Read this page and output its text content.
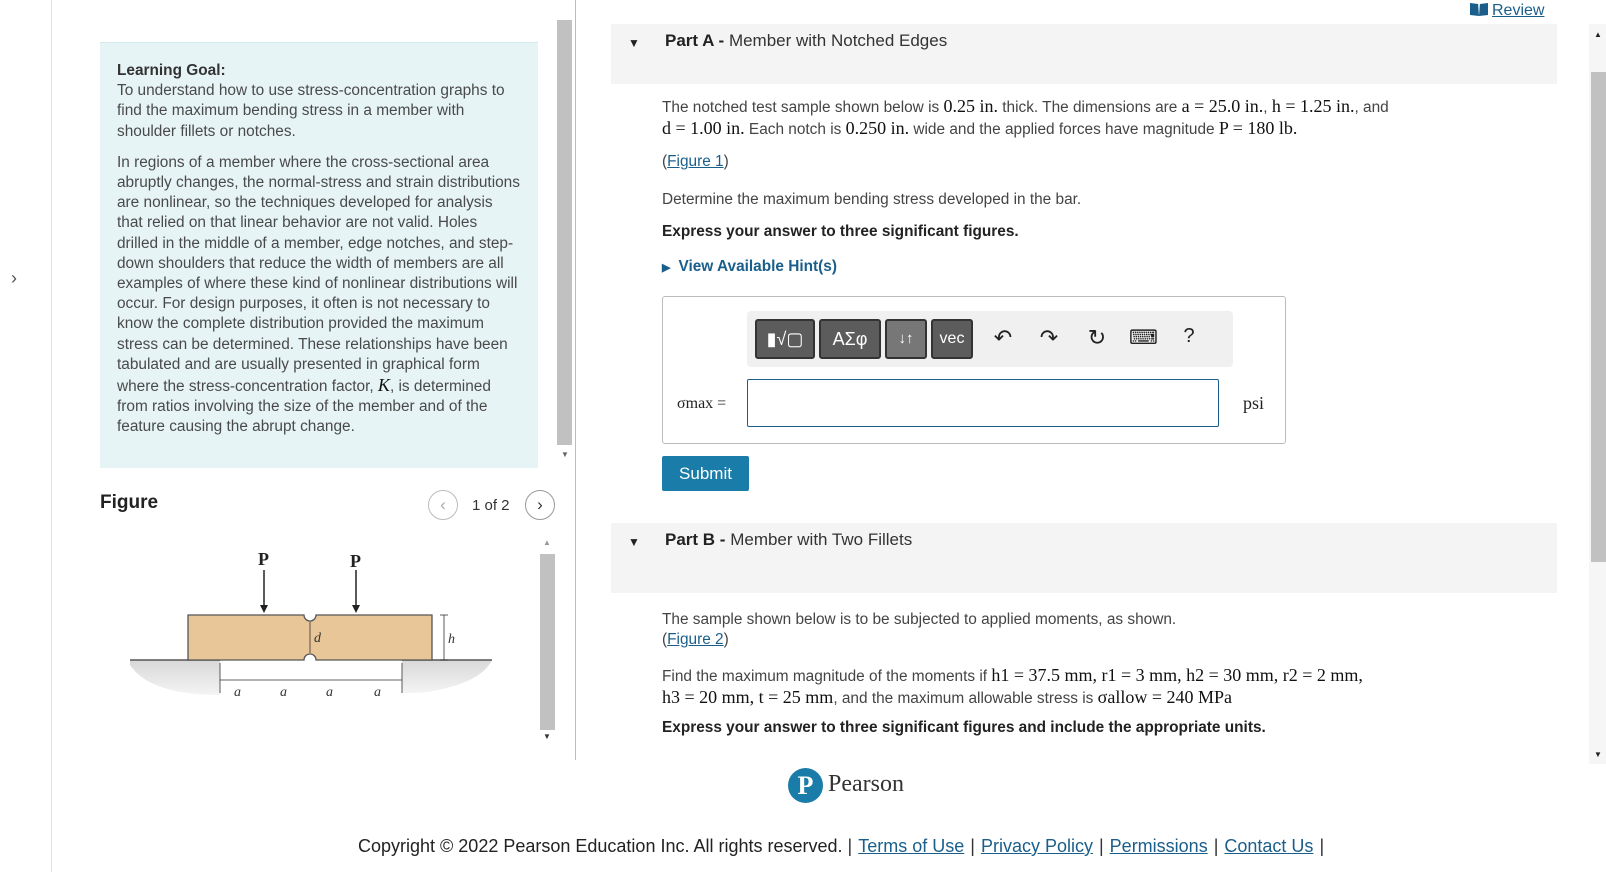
›

Learning Goal:
To understand how to use stress-concentration graphs to find the maximum bending stress in a member with shoulder fillets or notches.

In regions of a member where the cross-sectional area abruptly changes, the normal-stress and strain distributions are nonlinear, so the techniques developed for analysis that relied on that linear behavior are not valid. Holes drilled in the middle of a member, edge notches, and step-down shoulders that reduce the width of members are all examples of where these kind of nonlinear distributions will occur. For design purposes, it often is not necessary to know the complete distribution provided the maximum stress can be determined. These relationships have been tabulated and are usually presented in graphical form where the stress-concentration factor, K, is determined from ratios involving the size of the member and of the feature causing the abrupt change.

▼
Figure	‹	1 of 2	›
P	P
d	h
a	a	a	a
▲
▼
Review
▼ Part A - Member with Notched Edges
The notched test sample shown below is 0.25 in. thick. The dimensions are a = 25.0 in., h = 1.25 in., and
d = 1.00 in. Each notch is 0.250 in. wide and the applied forces have magnitude P = 180 lb.
(Figure 1)
Determine the maximum bending stress developed in the bar.
Express your answer to three significant figures.
▶ View Available Hint(s)
▮√▢	ΑΣφ	↓↑	vec	↶ ↷ ↻ ⌨	?
σmax =	psi
Submit
▼ Part B - Member with Two Fillets
The sample shown below is to be subjected to applied moments, as shown.
(Figure 2)
Find the maximum magnitude of the moments if h1 = 37.5 mm, r1 = 3 mm, h2 = 30 mm, r2 = 2 mm,
h3 = 20 mm, t = 25 mm, and the maximum allowable stress is σallow = 240 MPa
Express your answer to three significant figures and include the appropriate units.
▲
▼
P Pearson
Copyright © 2022 Pearson Education Inc. All rights reserved. | Terms of Use | Privacy Policy | Permissions | Contact Us |
